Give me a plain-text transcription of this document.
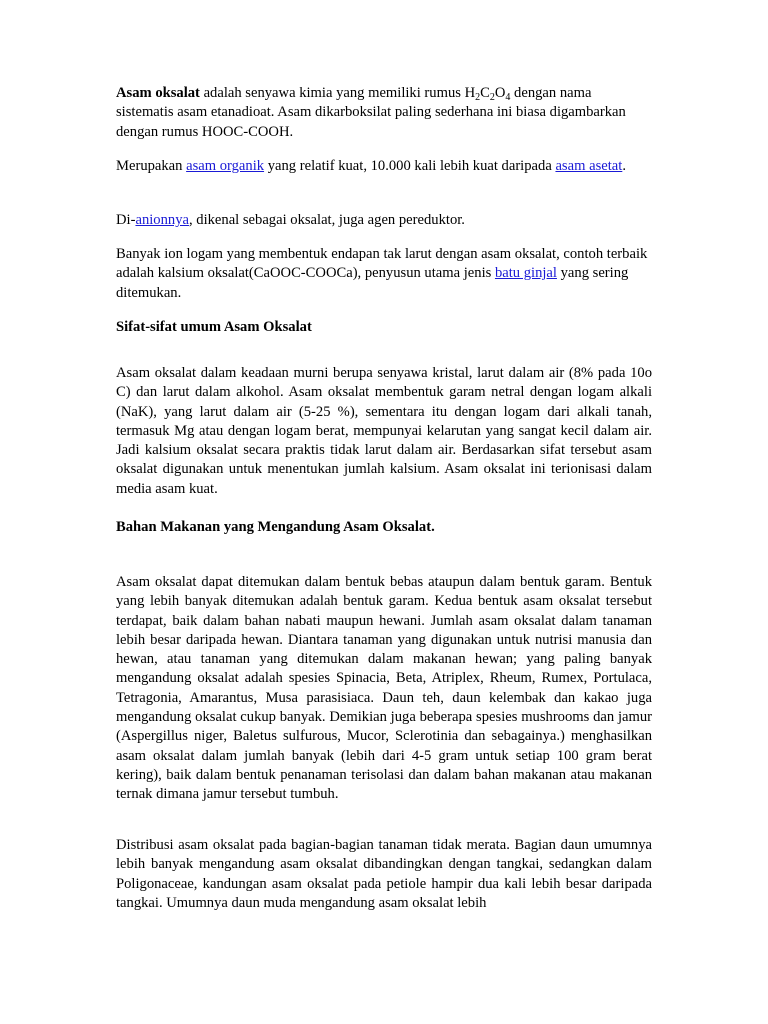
Asam oksalat adalah senyawa kimia yang memiliki rumus $H_2C_2O_4$ dengan nama sistematis asam etanadioat. Asam dikarboksilat paling sederhana ini biasa digambarkan dengan rumus HOOC-COOH.

Merupakan asam organik yang relatif kuat, 10.000 kali lebih kuat daripada asam asetat.

Di-anionnya, dikenal sebagai oksalat, juga agen pereduktor.

Banyak ion logam yang membentuk endapan tak larut dengan asam oksalat, contoh terbaik adalah kalsium oksalat(CaOOC-COOCa), penyusun utama jenis batu ginjal yang sering ditemukan.

Sifat-sifat umum Asam Oksalat

Asam oksalat dalam keadaan murni berupa senyawa kristal, larut dalam air (8% pada 10o C) dan larut dalam alkohol. Asam oksalat membentuk garam netral dengan logam alkali (NaK), yang larut dalam air (5-25 %), sementara itu dengan logam dari alkali tanah, termasuk Mg atau dengan logam berat, mempunyai kelarutan yang sangat kecil dalam air. Jadi kalsium oksalat secara praktis tidak larut dalam air. Berdasarkan sifat tersebut asam oksalat digunakan untuk menentukan jumlah kalsium. Asam oksalat ini terionisasi dalam media asam kuat.

Bahan Makanan yang Mengandung Asam Oksalat.

Asam oksalat dapat ditemukan dalam bentuk bebas ataupun dalam bentuk garam. Bentuk yang lebih banyak ditemukan adalah bentuk garam. Kedua bentuk asam oksalat tersebut terdapat, baik dalam bahan nabati maupun hewani. Jumlah asam oksalat dalam tanaman lebih besar daripada hewan. Diantara tanaman yang digunakan untuk nutrisi manusia dan hewan, atau tanaman yang ditemukan dalam makanan hewan; yang paling banyak mengandung oksalat adalah spesies Spinacia, Beta, Atriplex, Rheum, Rumex, Portulaca, Tetragonia, Amarantus, Musa parasisiaca. Daun teh, daun kelembak dan kakao juga mengandung oksalat cukup banyak. Demikian juga beberapa spesies mushrooms dan jamur (Aspergillus niger, Baletus sulfurous, Mucor, Sclerotinia dan sebagainya.) menghasilkan asam oksalat dalam jumlah banyak (lebih dari 4-5 gram untuk setiap 100 gram berat kering), baik dalam bentuk penanaman terisolasi dan dalam bahan makanan atau makanan ternak dimana jamur tersebut tumbuh.

Distribusi asam oksalat pada bagian-bagian tanaman tidak merata. Bagian daun umumnya lebih banyak mengandung asam oksalat dibandingkan dengan tangkai, sedangkan dalam Poligonaceae, kandungan asam oksalat pada petiole hampir dua kali lebih besar daripada tangkai. Umumnya daun muda mengandung asam oksalat lebih
